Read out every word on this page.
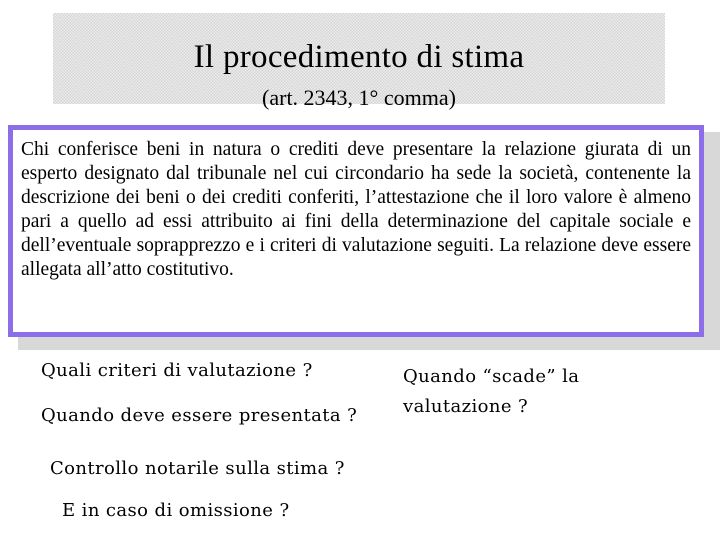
Il procedimento di stima
(art. 2343, 1° comma)

Chi conferisce beni in natura o crediti deve presentare la relazione giurata di un esperto designato dal tribunale nel cui circondario ha sede la società, contenente la descrizione dei beni o dei crediti conferiti, l’attestazione che il loro valore è almeno pari a quello ad essi attribuito ai fini della determinazione del capitale sociale e dell’eventuale soprapprezzo e i criteri di valutazione seguiti. La relazione deve essere allegata all’atto costitutivo.

Quali criteri di valutazione ?
Quando deve essere presentata ?
Controllo notarile sulla stima ?
E in caso di omissione ?
Quando “scade” la
valutazione ?
